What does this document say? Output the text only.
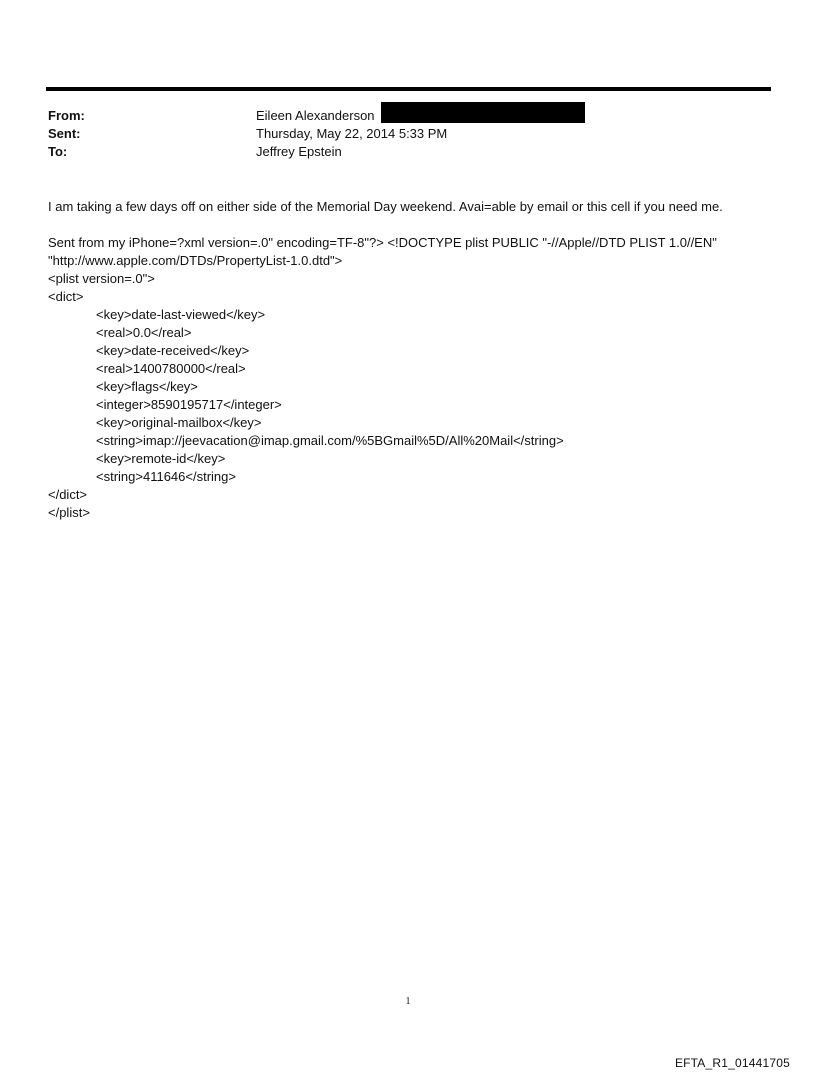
From:	Eileen Alexanderson
Sent:	Thursday, May 22, 2014 5:33 PM
To:	Jeffrey Epstein

I am taking a few days off on either side of the Memorial Day weekend. Avai=able by email or this cell if you need me.

Sent from my iPhone=?xml version=.0" encoding=TF-8"?> <!DOCTYPE plist PUBLIC "-//Apple//DTD PLIST 1.0//EN"

"http://www.apple.com/DTDs/PropertyList-1.0.dtd">

<plist version=.0">
<dict>
<key>date-last-viewed</key>
<real>0.0</real>
<key>date-received</key>
<real>1400780000</real>
<key>flags</key>
<integer>8590195717</integer>
<key>original-mailbox</key>
<string>imap://jeevacation@imap.gmail.com/%5BGmail%5D/All%20Mail</string>
<key>remote-id</key>
<string>411646</string>
</dict>
</plist>
1
EFTA_R1_01441705
